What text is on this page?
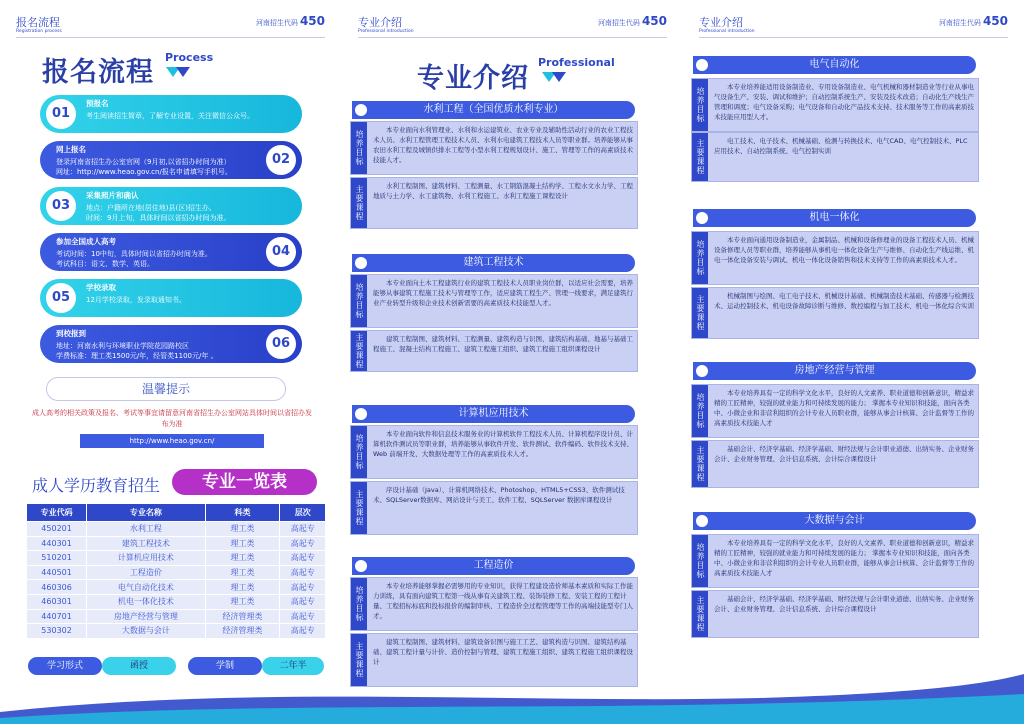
报名流程
Registration process
河南招生代码 450
报名流程 Process
01
预报名
考生阅读招生简章，了解专业设置，关注微信公众号。
02
网上报名
登录河南省招生办公室官网（9月初,以省招办时间为准）
网址：http://www.heao.gov.cn/报名申请填写手机号。
03
采集照片和确认
地点：户籍所在地(居住地)县(区)招生办。
时间：9月上旬，具体时间以省招办时间为准。
04
参加全国成人高考
考试时间：10中旬，具体时间以省招办时间为准。
考试科目：语文、数学、英语。
05
学校录取
12月学校录取，发录取通知书。
06
到校报到
地址：河南水利与环境职业学院花园路校区
学费标准：理工类1500元/年，经管类1100元/年 。
温馨提示
成人高考的相关政策及报名、考试等事宜请留意河南省招生办公室网站具体时间以省招办发布为准
http://www.heao.gov.cn/
成人学历教育招生	专业一览表
专业代码	专业名称	科类	层次
450201	水利工程	理工类	高起专
440301	建筑工程技术	理工类	高起专
510201	计算机应用技术	理工类	高起专
440501	工程造价	理工类	高起专
460306	电气自动化技术	理工类	高起专
460301	机电一体化技术	理工类	高起专
440701	房地产经营与管理	经济管理类	高起专
530302	大数据与会计	经济管理类	高起专
学习形式	函授	学制	二年半
专业介绍
Professional introduction
河南招生代码 450
专业介绍
Professional
水利工程（全国优质水利专业）
培养目标	本专业面向水利管理业、水利和水运建筑业、农业专业及辅助性活动行业的农业工程技术人员、水利工程管理工程技术人员、水利水电建筑工程技术人员等职业群。培养能够从事农田水利工程及城镇供排水工程等小型水利工程规划设计、施工、管理等工作的高素质技术技能人才。
主要课程	水利工程制图、建筑材料、工程测量、水工钢筋混凝土结构学、工程水文水力学、工程地质与土力学、水工建筑物、水利工程施工、水利工程施工课程设计
建筑工程技术
培养目标	本专业面向土木工程建筑行业的建筑工程技术人员职业岗位群，以适应社会需要，培养能够从事建筑工程施工技术与管理等工作，适应建筑工程生产、管理一线要求，满足建筑行业产业转型升级和企业技术创新需要的高素质技术技能型人才。
主要课程	建筑工程制图、建筑材料、工程测量、建筑构造与识图、建筑结构基础、地基与基础工程施工、混凝土结构工程施工、建筑工程施工组织、建筑工程施工组织课程设计
计算机应用技术
培养目标	本专业面向软件和信息技术服务业的计算机软件工程技术人员、计算机程序设计员、计算机软件测试员等职业群，培养能够从事软件开发、软件测试、软件编码、软件技术支持、Web 前端开发、大数据处理等工作的高素质技术人才。
主要课程	序设计基础（Java）、计算机网络技术、Photoshop、HTML5+CSS3、软件测试技术、SQLServer数据库、网站设计与美工、软件工程、SQLServer 数据库课程设计
工程造价
培养目标	本专业培养能够掌握必需够用的专业知识，获得工程建设造价师基本素质和实际工作能力训练，具有面向建筑工程第一线从事有关建筑工程、装饰装修工程、安装工程的工程计量、工程招标标底和投标报价的编制审核、工程造价全过程管理等工作的高端技能型专门人才。
主要课程	建筑工程制图、建筑材料、建筑设备识图与施工工艺、建筑构造与识图、建筑结构基础、建筑工程计量与计价、造价控制与管理、建筑工程施工组织、建筑工程施工组织课程设计
专业介绍
Professional introduction
河南招生代码 450
电气自动化
培养目标	本专业培养能适用设备制造业、专用设备制造业、电气机械和器材制造业等行业从事电气设备生产、安装、调试和维护；自动控制系统生产、安装及技术改造；自动化生产线生产管理和调度；电气设备采购；电气设备和自动化产品技术支持、技术服务等工作的高素质技术技能应用型人才。
主要课程	电工技术、电子技术、机械基础、检测与转换技术、电气CAD、电气控制技术、PLC应用技术、自动控制系统、电气控制实训
机电一体化
培养目标	本专业面向通用设备制造业，金属制品、机械和设备修理业的设备工程技术人员、机械设备修理人员等职业群，培养能够从事机电一体化设备生产与维修、自动化生产线运维、机电一体化设备安装与调试、机电一体化设备销售和技术支持等工作的高素质技术人才。
主要课程	机械制图与绘图、电工电子技术、机械设计基础、机械制造技术基础、传感器与检测技术、运动控制技术、机电设备故障诊断与维修、数控编程与加工技术、机电一体化综合实训
房地产经营与管理
培养目标	本专业培养具有一定的科学文化水平，良好的人文素养、职业道德和创新意识，精益求精的工匠精神，较强的就业能力和可持续发展的能力； 掌握本专业知识和技能，面向各类中、小微企业和非营利组织的会计专业人员职业群，能够从事会计核算、会计监督等工作的高素质技术技能人才
主要课程	基础会计、经济学基础、经济学基础、财经法规与会计职业道德、出纳实务、企业财务会计、企业财务管理、会计信息系统、会计综合课程设计
大数据与会计
培养目标	本专业培养具有一定的科学文化水平，良好的人文素养、职业道德和创新意识，精益求精的工匠精神，较强的就业能力和可持续发展的能力； 掌握本专业知识和技能，面向各类中、小微企业和非营利组织的会计专业人员职业群，能够从事会计核算、会计监督等工作的高素质技术技能人才
主要课程	基础会计、经济学基础、经济学基础、财经法规与会计职业道德、出纳实务、企业财务会计、企业财务管理、会计信息系统、会计综合课程设计
